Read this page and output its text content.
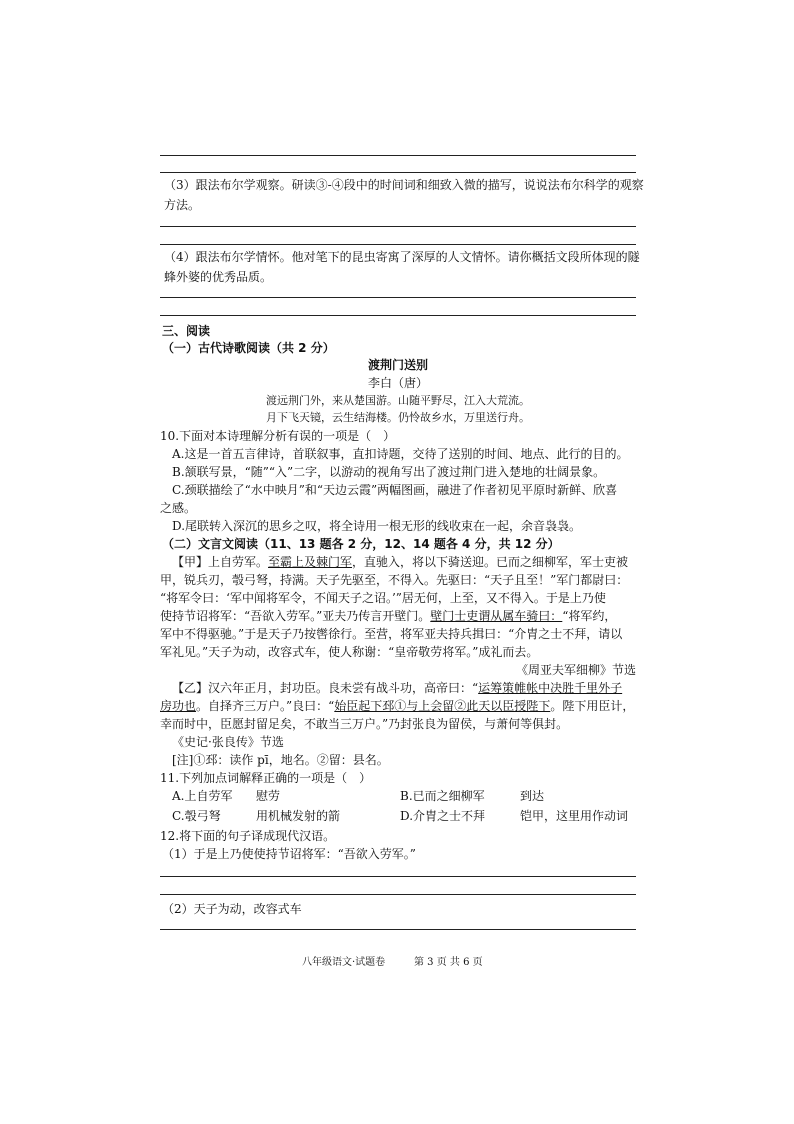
（3）跟法布尔学观察。研读③-④段中的时间词和细致入微的描写，说说法布尔科学的观察
方法。
（4）跟法布尔学情怀。他对笔下的昆虫寄寓了深厚的人文情怀。请你概括文段所体现的隧
蜂外婆的优秀品质。
三、阅读
（一）古代诗歌阅读（共 2 分）
渡荆门送别
李白（唐）
渡远荆门外，来从楚国游。山随平野尽，江入大荒流。
月下飞天镜，云生结海楼。仍怜故乡水，万里送行舟。
10.下面对本诗理解分析有误的一项是（　）
A.这是一首五言律诗，首联叙事，直扣诗题，交待了送别的时间、地点、此行的目的。
B.颔联写景，“随”“入”二字，以游动的视角写出了渡过荆门进入楚地的壮阔景象。
C.颈联描绘了“水中映月”和“天边云霞”两幅图画，融进了作者初见平原时新鲜、欣喜
之感。
D.尾联转入深沉的思乡之叹，将全诗用一根无形的线收束在一起，余音袅袅。
（二）文言文阅读（11、13 题各 2 分，12、14 题各 4 分，共 12 分）
【甲】上自劳军。至霸上及棘门军，直驰入，将以下骑送迎。已而之细柳军，军士吏被
甲，锐兵刃，彀弓弩，持满。天子先驱至，不得入。先驱曰：“天子且至！”军门都尉曰：
“将军令曰：‘军中闻将军令，不闻天子之诏。’”居无何，上至，又不得入。于是上乃使
使持节诏将军：“吾欲入劳军。”亚夫乃传言开壁门。壁门士吏谓从属车骑曰：“将军约，
军中不得驱驰。”于是天子乃按辔徐行。至营，将军亚夫持兵揖曰：“介胄之士不拜，请以
军礼见。”天子为动，改容式车，使人称谢：“皇帝敬劳将军。”成礼而去。
《周亚夫军细柳》节选
【乙】汉六年正月，封功臣。良未尝有战斗功，高帝曰：“运筹策帷帐中决胜千里外子
房功也。自择齐三万户。”良曰：“始臣起下邳①与上会留②此天以臣授陛下。陛下用臣计，
幸而时中，臣愿封留足矣，不敢当三万户。”乃封张良为留侯，与萧何等俱封。
《史记·张良传》节选
[注]①邳：读作 pī，地名。②留：县名。
11.下列加点词解释正确的一项是（　）
A.上自劳军 慰劳	B.已而之细柳军	到达
C.彀弓弩	用机械发射的箭	D.介胄之士不拜	铠甲，这里用作动词
12.将下面的句子译成现代汉语。
（1）于是上乃使使持节诏将军：“吾欲入劳军。”
（2）天子为动，改容式车
八年级语文·试题卷	第 3 页 共 6 页
